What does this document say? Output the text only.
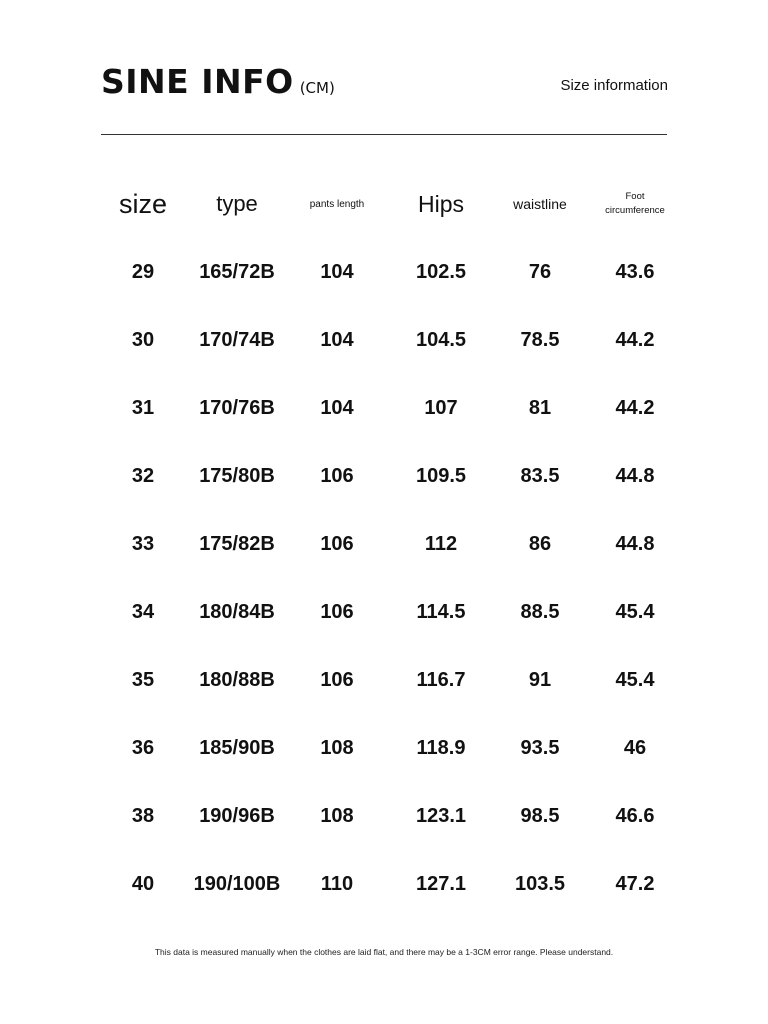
SINE INFO (CM)	Size information
size	type	pants length	Hips	waistline	Foot
circumference

29	165/72B	104	102.5	76	43.6
30	170/74B	104	104.5	78.5	44.2
31	170/76B	104	107	81	44.2
32	175/80B	106	109.5	83.5	44.8
33	175/82B	106	112	86	44.8
34	180/84B	106	114.5	88.5	45.4
35	180/88B	106	116.7	91	45.4
36	185/90B	108	118.9	93.5	46
38	190/96B	108	123.1	98.5	46.6
40	190/100B	110	127.1	103.5	47.2
This data is measured manually when the clothes are laid flat, and there may be a 1-3CM error range. Please understand.
